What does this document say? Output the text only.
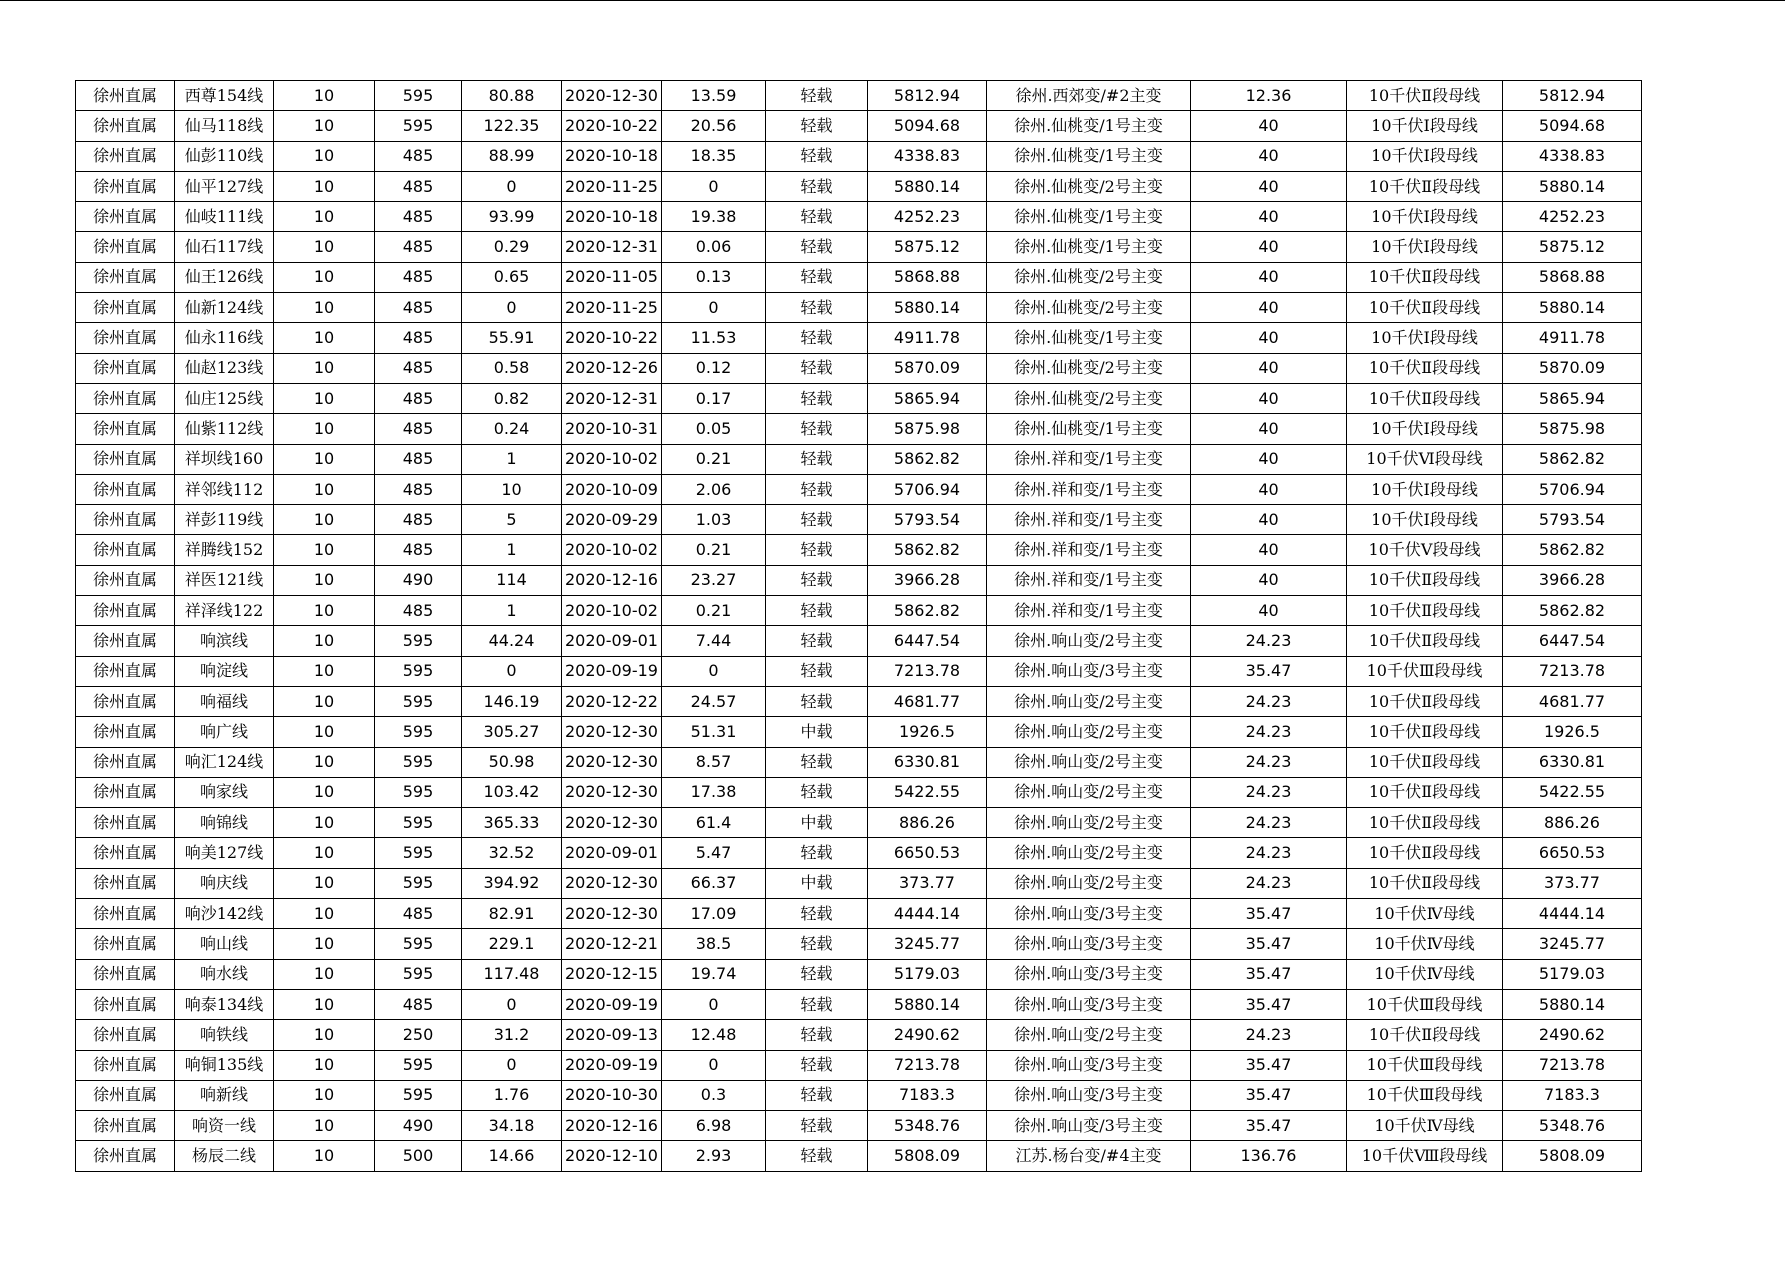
徐州直属	西尊154线	10	595	80.88	2020-12-30	13.59	轻载	5812.94	徐州.西郊变/#2主变	12.36	10千伏Ⅱ段母线	5812.94
徐州直属	仙马118线	10	595	122.35	2020-10-22	20.56	轻载	5094.68	徐州.仙桃变/1号主变	40	10千伏Ⅰ段母线	5094.68
徐州直属	仙彭110线	10	485	88.99	2020-10-18	18.35	轻载	4338.83	徐州.仙桃变/1号主变	40	10千伏Ⅰ段母线	4338.83
徐州直属	仙平127线	10	485	0	2020-11-25	0	轻载	5880.14	徐州.仙桃变/2号主变	40	10千伏Ⅱ段母线	5880.14
徐州直属	仙岐111线	10	485	93.99	2020-10-18	19.38	轻载	4252.23	徐州.仙桃变/1号主变	40	10千伏Ⅰ段母线	4252.23
徐州直属	仙石117线	10	485	0.29	2020-12-31	0.06	轻载	5875.12	徐州.仙桃变/1号主变	40	10千伏Ⅰ段母线	5875.12
徐州直属	仙王126线	10	485	0.65	2020-11-05	0.13	轻载	5868.88	徐州.仙桃变/2号主变	40	10千伏Ⅱ段母线	5868.88
徐州直属	仙新124线	10	485	0	2020-11-25	0	轻载	5880.14	徐州.仙桃变/2号主变	40	10千伏Ⅱ段母线	5880.14
徐州直属	仙永116线	10	485	55.91	2020-10-22	11.53	轻载	4911.78	徐州.仙桃变/1号主变	40	10千伏Ⅰ段母线	4911.78
徐州直属	仙赵123线	10	485	0.58	2020-12-26	0.12	轻载	5870.09	徐州.仙桃变/2号主变	40	10千伏Ⅱ段母线	5870.09
徐州直属	仙庄125线	10	485	0.82	2020-12-31	0.17	轻载	5865.94	徐州.仙桃变/2号主变	40	10千伏Ⅱ段母线	5865.94
徐州直属	仙紫112线	10	485	0.24	2020-10-31	0.05	轻载	5875.98	徐州.仙桃变/1号主变	40	10千伏Ⅰ段母线	5875.98
徐州直属	祥坝线160	10	485	1	2020-10-02	0.21	轻载	5862.82	徐州.祥和变/1号主变	40	10千伏Ⅵ段母线	5862.82
徐州直属	祥邻线112	10	485	10	2020-10-09	2.06	轻载	5706.94	徐州.祥和变/1号主变	40	10千伏Ⅰ段母线	5706.94
徐州直属	祥彭119线	10	485	5	2020-09-29	1.03	轻载	5793.54	徐州.祥和变/1号主变	40	10千伏Ⅰ段母线	5793.54
徐州直属	祥腾线152	10	485	1	2020-10-02	0.21	轻载	5862.82	徐州.祥和变/1号主变	40	10千伏Ⅴ段母线	5862.82
徐州直属	祥医121线	10	490	114	2020-12-16	23.27	轻载	3966.28	徐州.祥和变/1号主变	40	10千伏Ⅱ段母线	3966.28
徐州直属	祥泽线122	10	485	1	2020-10-02	0.21	轻载	5862.82	徐州.祥和变/1号主变	40	10千伏Ⅱ段母线	5862.82
徐州直属	响滨线	10	595	44.24	2020-09-01	7.44	轻载	6447.54	徐州.响山变/2号主变	24.23	10千伏Ⅱ段母线	6447.54
徐州直属	响淀线	10	595	0	2020-09-19	0	轻载	7213.78	徐州.响山变/3号主变	35.47	10千伏Ⅲ段母线	7213.78
徐州直属	响福线	10	595	146.19	2020-12-22	24.57	轻载	4681.77	徐州.响山变/2号主变	24.23	10千伏Ⅱ段母线	4681.77
徐州直属	响广线	10	595	305.27	2020-12-30	51.31	中载	1926.5	徐州.响山变/2号主变	24.23	10千伏Ⅱ段母线	1926.5
徐州直属	响汇124线	10	595	50.98	2020-12-30	8.57	轻载	6330.81	徐州.响山变/2号主变	24.23	10千伏Ⅱ段母线	6330.81
徐州直属	响家线	10	595	103.42	2020-12-30	17.38	轻载	5422.55	徐州.响山变/2号主变	24.23	10千伏Ⅱ段母线	5422.55
徐州直属	响锦线	10	595	365.33	2020-12-30	61.4	中载	886.26	徐州.响山变/2号主变	24.23	10千伏Ⅱ段母线	886.26
徐州直属	响美127线	10	595	32.52	2020-09-01	5.47	轻载	6650.53	徐州.响山变/2号主变	24.23	10千伏Ⅱ段母线	6650.53
徐州直属	响庆线	10	595	394.92	2020-12-30	66.37	中载	373.77	徐州.响山变/2号主变	24.23	10千伏Ⅱ段母线	373.77
徐州直属	响沙142线	10	485	82.91	2020-12-30	17.09	轻载	4444.14	徐州.响山变/3号主变	35.47	10千伏Ⅳ母线	4444.14
徐州直属	响山线	10	595	229.1	2020-12-21	38.5	轻载	3245.77	徐州.响山变/3号主变	35.47	10千伏Ⅳ母线	3245.77
徐州直属	响水线	10	595	117.48	2020-12-15	19.74	轻载	5179.03	徐州.响山变/3号主变	35.47	10千伏Ⅳ母线	5179.03
徐州直属	响泰134线	10	485	0	2020-09-19	0	轻载	5880.14	徐州.响山变/3号主变	35.47	10千伏Ⅲ段母线	5880.14
徐州直属	响铁线	10	250	31.2	2020-09-13	12.48	轻载	2490.62	徐州.响山变/2号主变	24.23	10千伏Ⅱ段母线	2490.62
徐州直属	响铜135线	10	595	0	2020-09-19	0	轻载	7213.78	徐州.响山变/3号主变	35.47	10千伏Ⅲ段母线	7213.78
徐州直属	响新线	10	595	1.76	2020-10-30	0.3	轻载	7183.3	徐州.响山变/3号主变	35.47	10千伏Ⅲ段母线	7183.3
徐州直属	响资一线	10	490	34.18	2020-12-16	6.98	轻载	5348.76	徐州.响山变/3号主变	35.47	10千伏Ⅳ母线	5348.76
徐州直属	杨辰二线	10	500	14.66	2020-12-10	2.93	轻载	5808.09	江苏.杨台变/#4主变	136.76	10千伏Ⅷ段母线	5808.09
